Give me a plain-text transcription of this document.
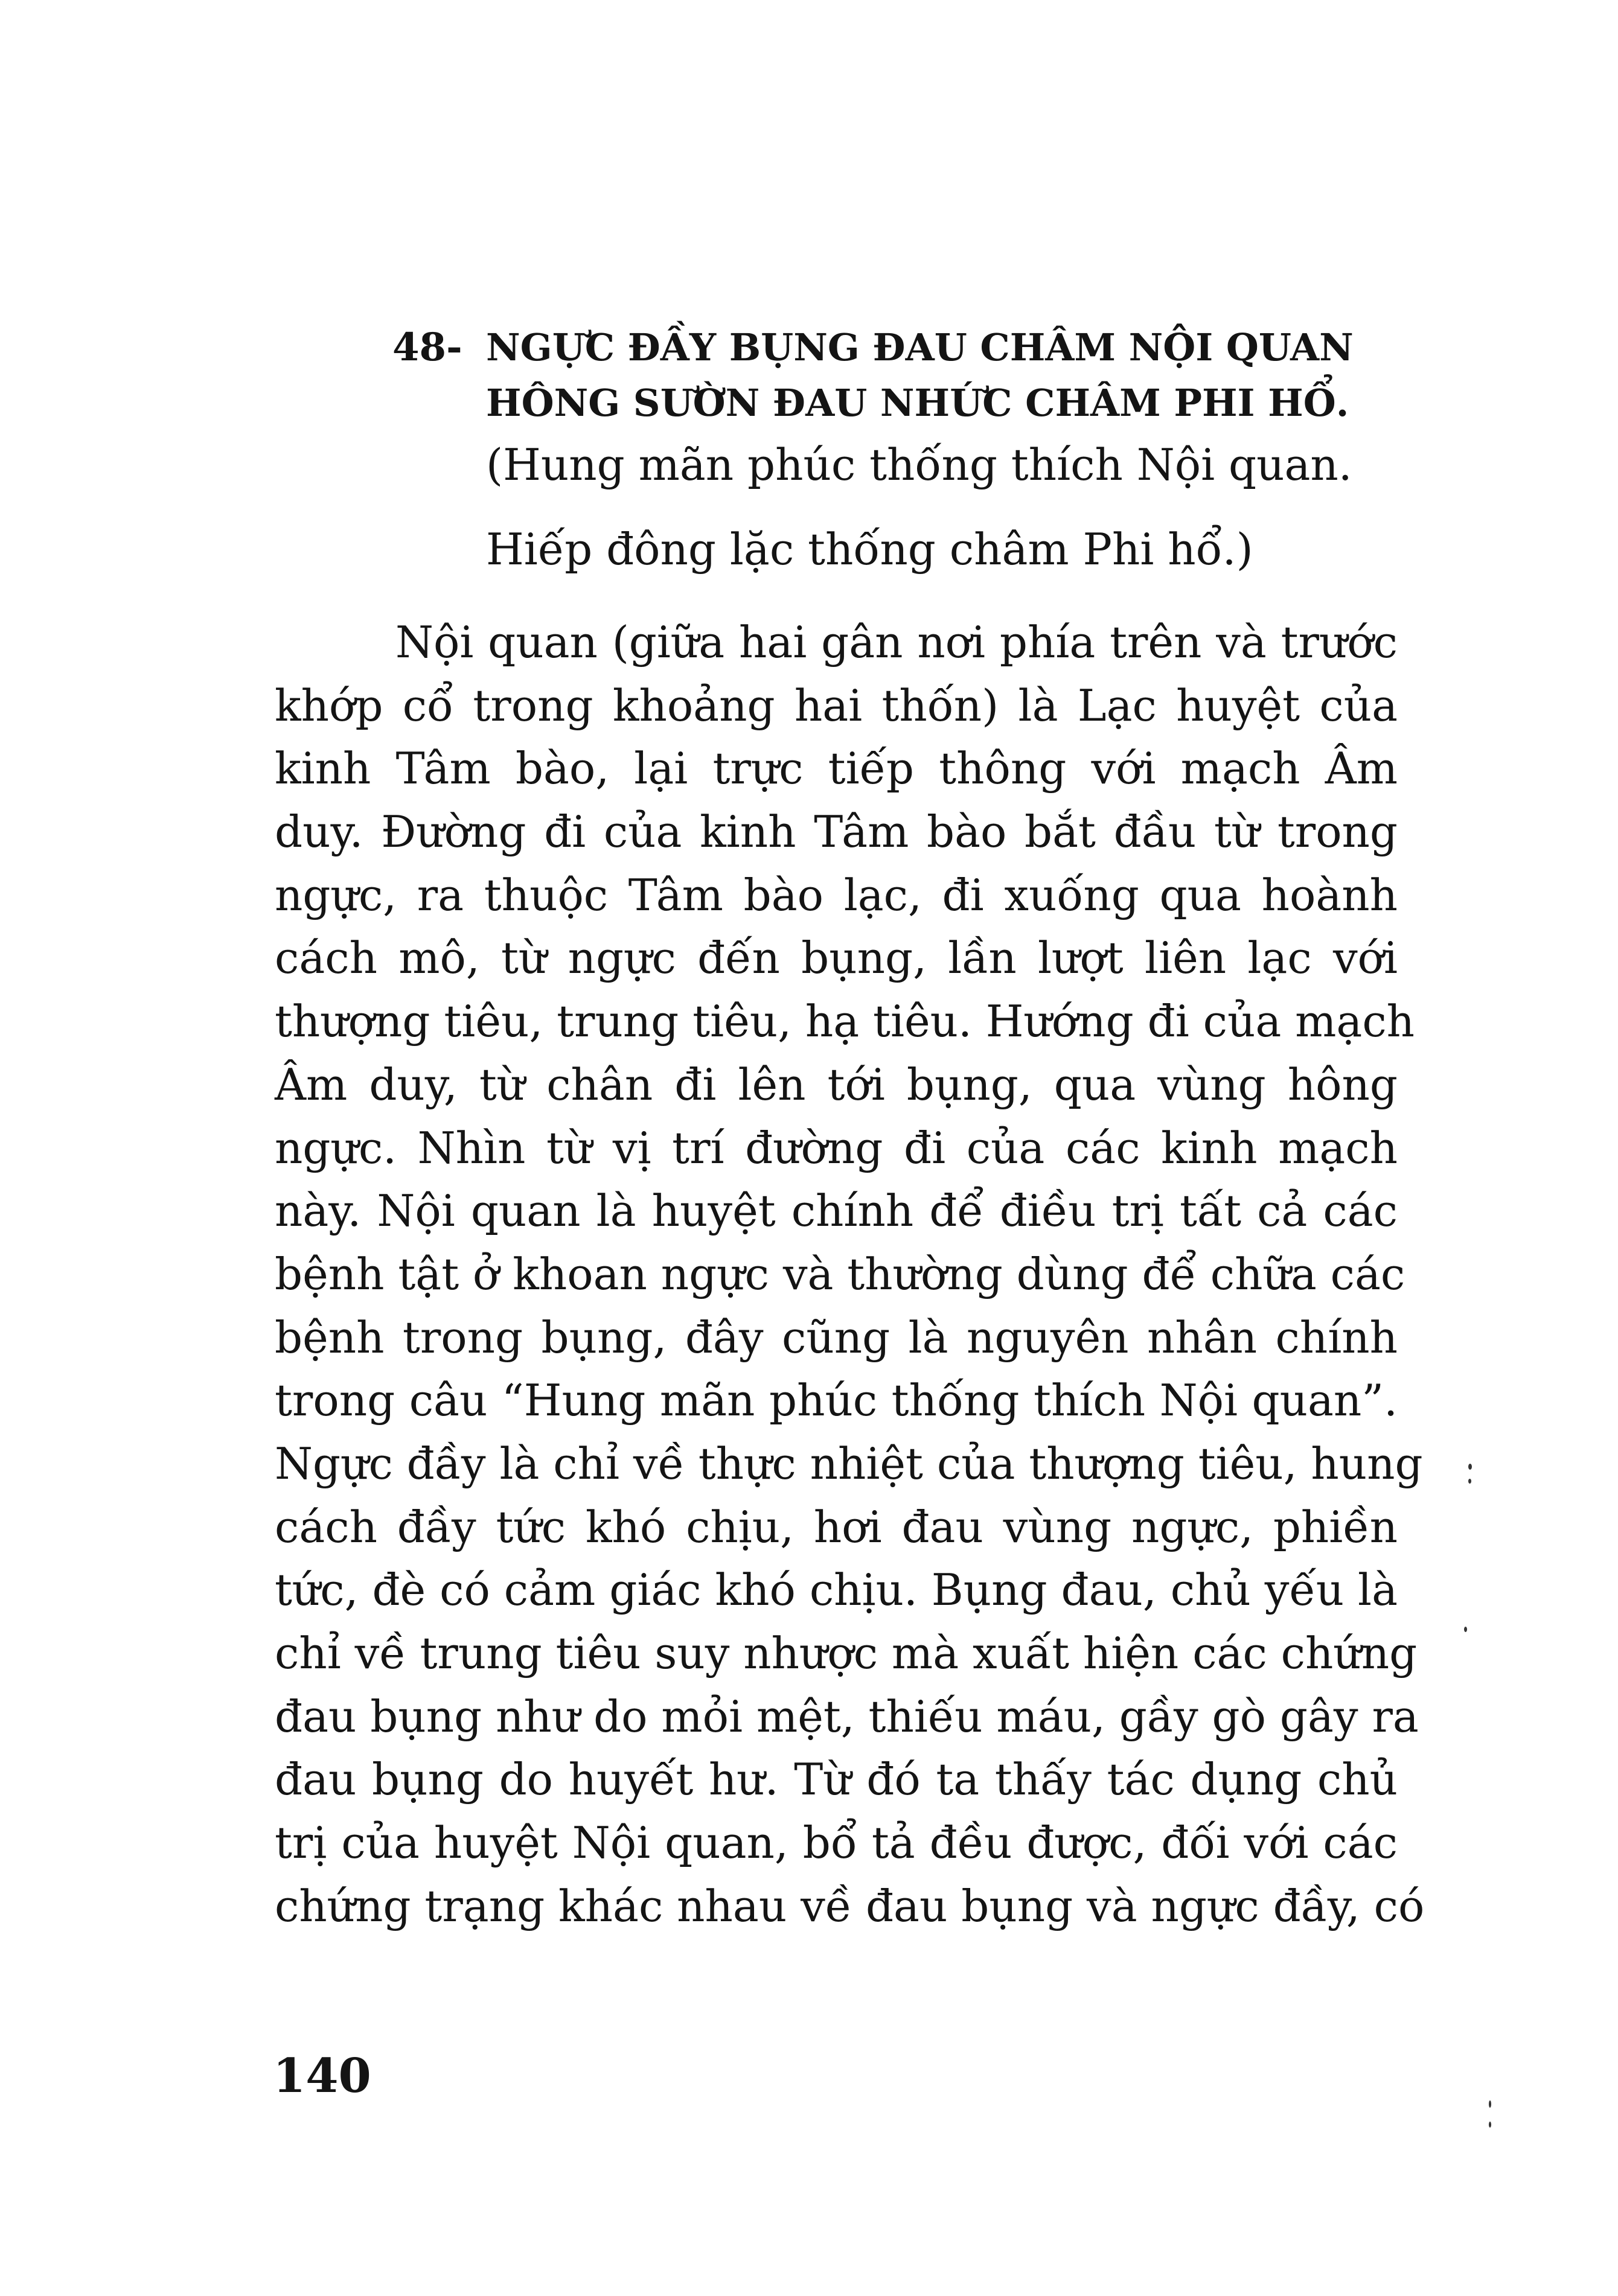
48- NGỰC ĐẦY BỤNG ĐAU CHÂM NỘI QUAN
HÔNG SƯỜN ĐAU NHỨC CHÂM PHI HỔ.
(Hung mãn phúc thống thích Nội quan.
Hiếp đông lặc thống châm Phi hổ.)
Nội quan (giữa hai gân nơi phía trên và trước
khớp cổ trong khoảng hai thốn) là Lạc huyệt của
kinh Tâm bào, lại trực tiếp thông với mạch Âm
duy. Đường đi của kinh Tâm bào bắt đầu từ trong
ngực, ra thuộc Tâm bào lạc, đi xuống qua hoành
cách mô, từ ngực đến bụng, lần lượt liên lạc với
thượng tiêu, trung tiêu, hạ tiêu. Hướng đi của mạch
Âm duy, từ chân đi lên tới bụng, qua vùng hông
ngực. Nhìn từ vị trí đường đi của các kinh mạch
này. Nội quan là huyệt chính để điều trị tất cả các
bệnh tật ở khoan ngực và thường dùng để chữa các
bệnh trong bụng, đây cũng là nguyên nhân chính
trong câu “Hung mãn phúc thống thích Nội quan”.
Ngực đầy là chỉ về thực nhiệt của thượng tiêu, hung
cách đầy tức khó chịu, hơi đau vùng ngực, phiền
tức, đè có cảm giác khó chịu. Bụng đau, chủ yếu là
chỉ về trung tiêu suy nhược mà xuất hiện các chứng
đau bụng như do mỏi mệt, thiếu máu, gầy gò gây ra
đau bụng do huyết hư. Từ đó ta thấy tác dụng chủ
trị của huyệt Nội quan, bổ tả đều được, đối với các
chứng trạng khác nhau về đau bụng và ngực đầy, có
140
